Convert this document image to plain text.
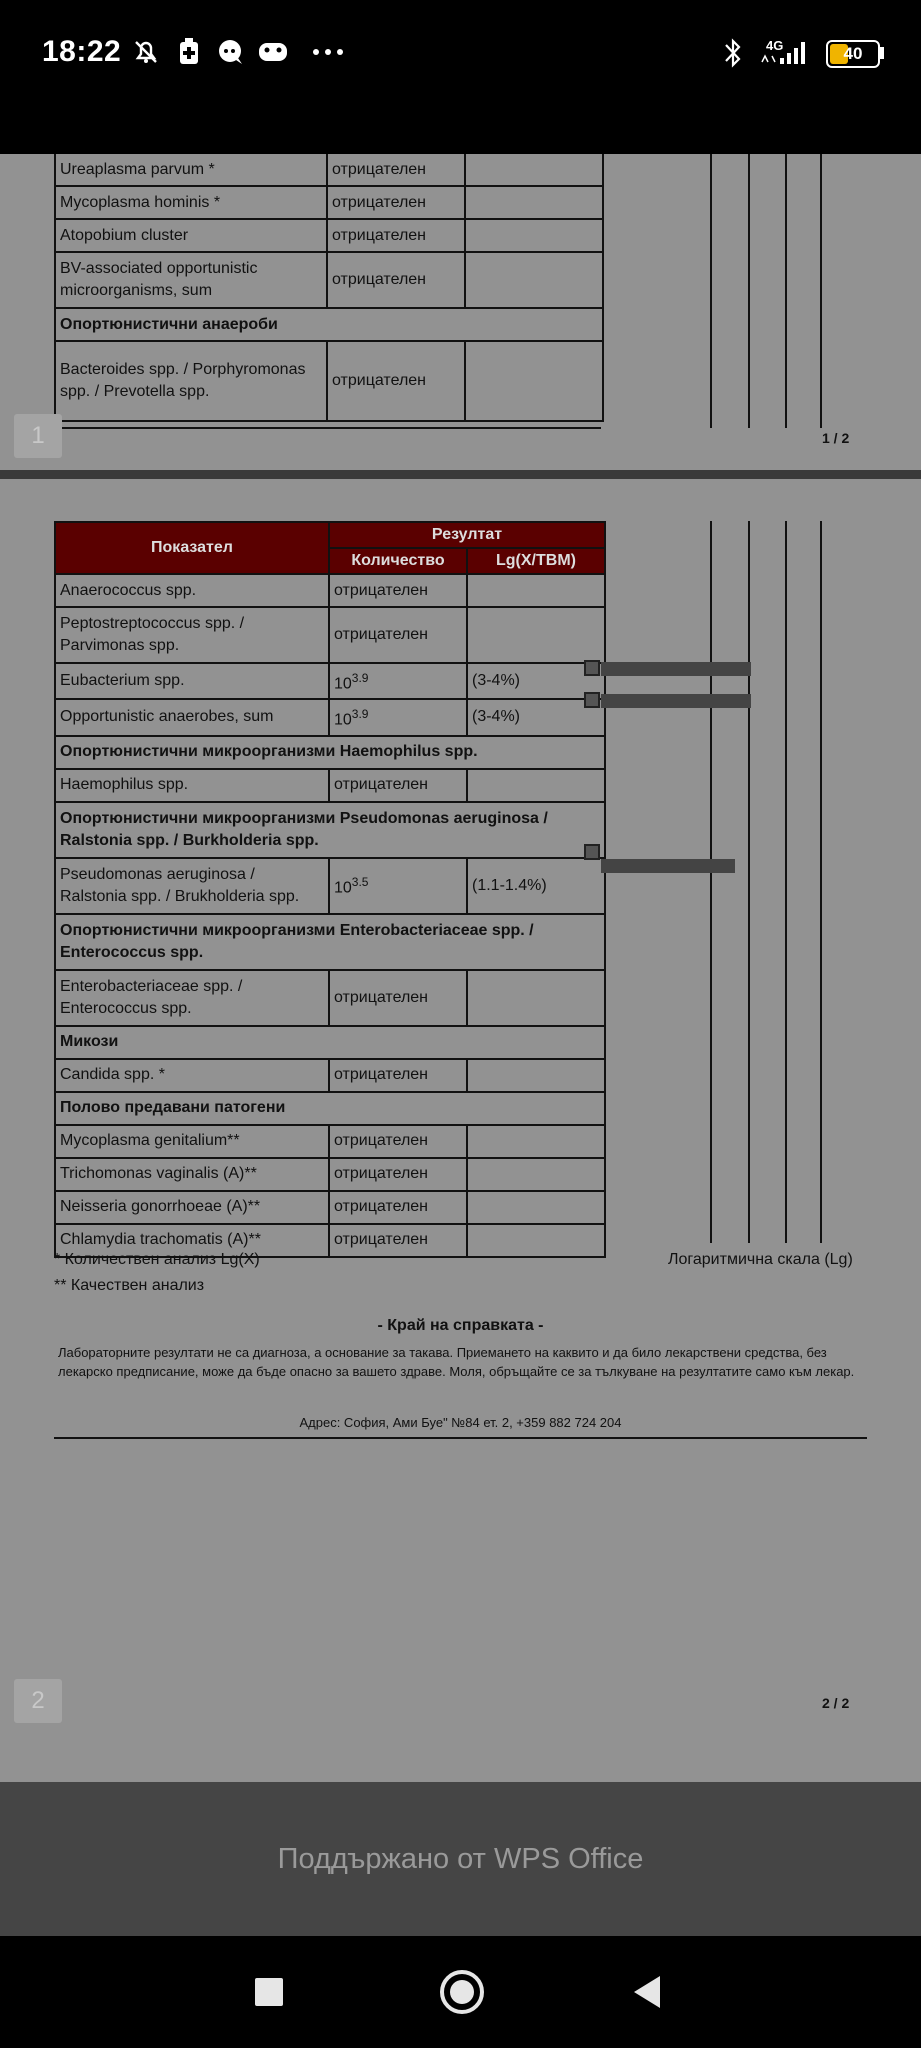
18:22	4G	40
20.01.2022…ледване (2)
Ureaplasma parvum *	отрицателен	
Mycoplasma hominis *	отрицателен	
Atopobium cluster	отрицателен	
BV-associated opportunistic microorganisms, sum	отрицателен	
Опортюнистични анаероби		
Bacteroides spp. / Porphyromonas spp. / Prevotella spp.	отрицателен	
1	1 / 2
Показател	Резултат	
	Количество	Lg(X/ТВМ)
Anaerococcus spp.	отрицателен	
Peptostreptococcus spp. / Parvimonas spp.	отрицателен	
Eubacterium spp.	$10^{3.9}$	(3-4%)
Opportunistic anaerobes, sum	$10^{3.9}$	(3-4%)
Опортюнистични микроорганизми Haemophilus spp.		
Haemophilus spp.	отрицателен	
Опортюнистични микроорганизми Pseudomonas aeruginosa / Ralstonia spp. / Burkholderia spp.		
Pseudomonas aeruginosa / Ralstonia spp. / Brukholderia spp.	$10^{3.5}$	(1.1-1.4%)
Опортюнистични микроорганизми Enterobacteriaceae spp. / Enterococcus spp.		
Enterobacteriaceae spp. / Enterococcus spp.	отрицателен	
Микози		
Candida spp. *	отрицателен	
Полово предавани патогени		
Mycoplasma genitalium**	отрицателен	
Trichomonas vaginalis (A)**	отрицателен	
Neisseria gonorrhoeae (A)**	отрицателен	
Chlamydia trachomatis (A)**	отрицателен	
* Количествен анализ Lg(X)
** Качествен анализ
Логаритмична скала (Lg)
- Край на справката -
Лабораторните резултати не са диагноза, а основание за такава. Приемането на каквито и да било лекарствени средства, без лекарско предписание, може да бъде опасно за вашето здраве. Моля, обръщайте се за тълкуване на резултатите само към лекар.
Адрес: София, Ами Буе" №84 ет. 2, +359 882 724 204
2	2 / 2
Поддържано от WPS Office
